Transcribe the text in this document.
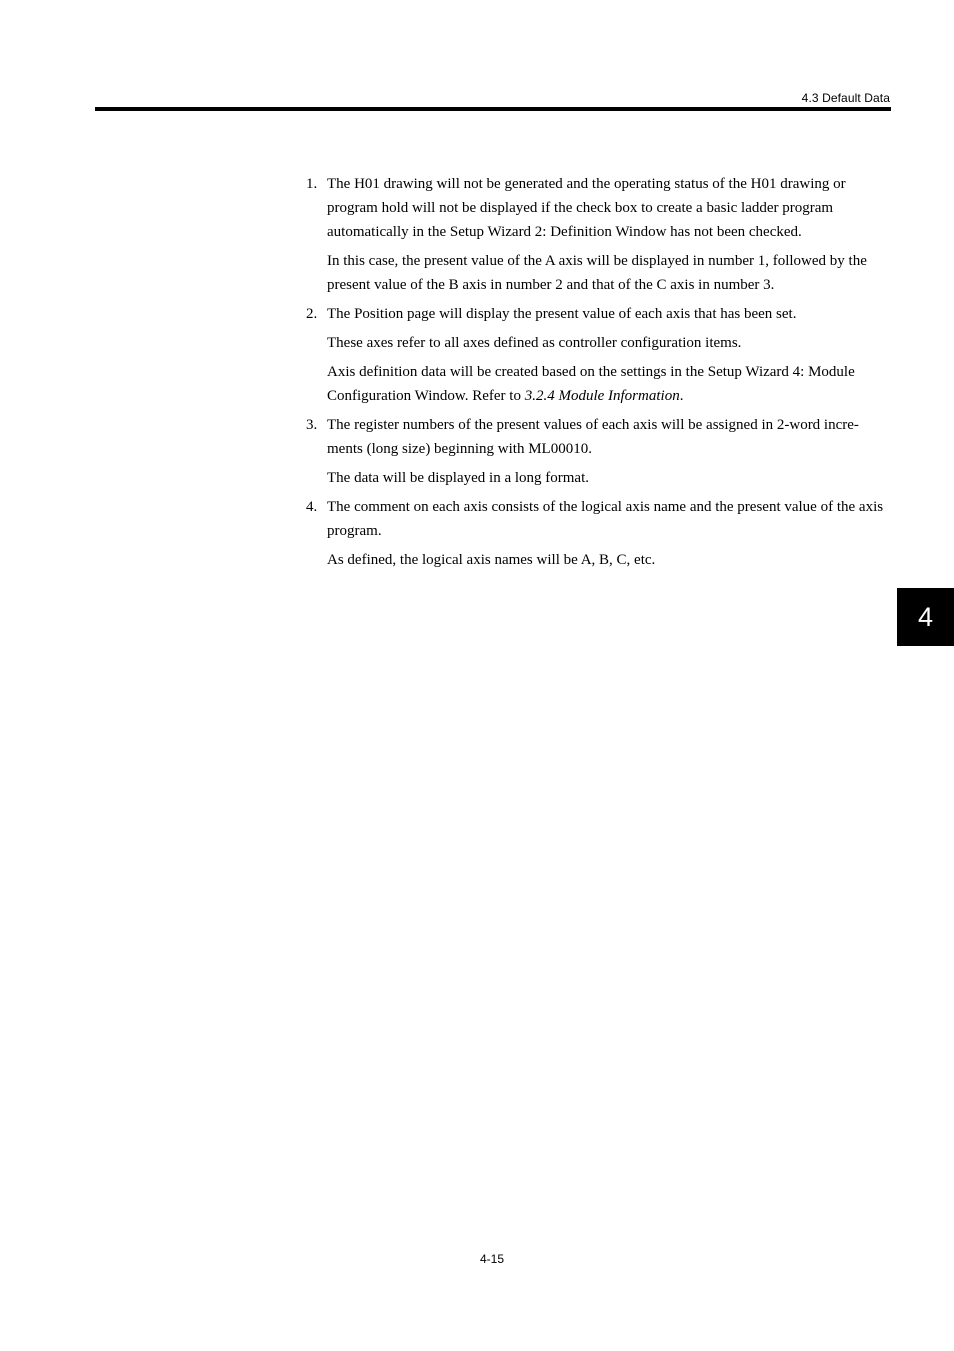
4.3 Default Data
1. The H01 drawing will not be generated and the operating status of the H01 drawing or program hold will not be displayed if the check box to create a basic ladder program automatically in the Setup Wizard 2: Definition Window has not been checked.

In this case, the present value of the A axis will be displayed in number 1, followed by the present value of the B axis in number 2 and that of the C axis in number 3.

2. The Position page will display the present value of each axis that has been set.

These axes refer to all axes defined as controller configuration items.

Axis definition data will be created based on the settings in the Setup Wizard 4: Module Configuration Window. Refer to 3.2.4 Module Information.

3. The register numbers of the present values of each axis will be assigned in 2-word incre-ments (long size) beginning with ML00010.

The data will be displayed in a long format.

4. The comment on each axis consists of the logical axis name and the present value of the axis program.

As defined, the logical axis names will be A, B, C, etc.

4
4-15
